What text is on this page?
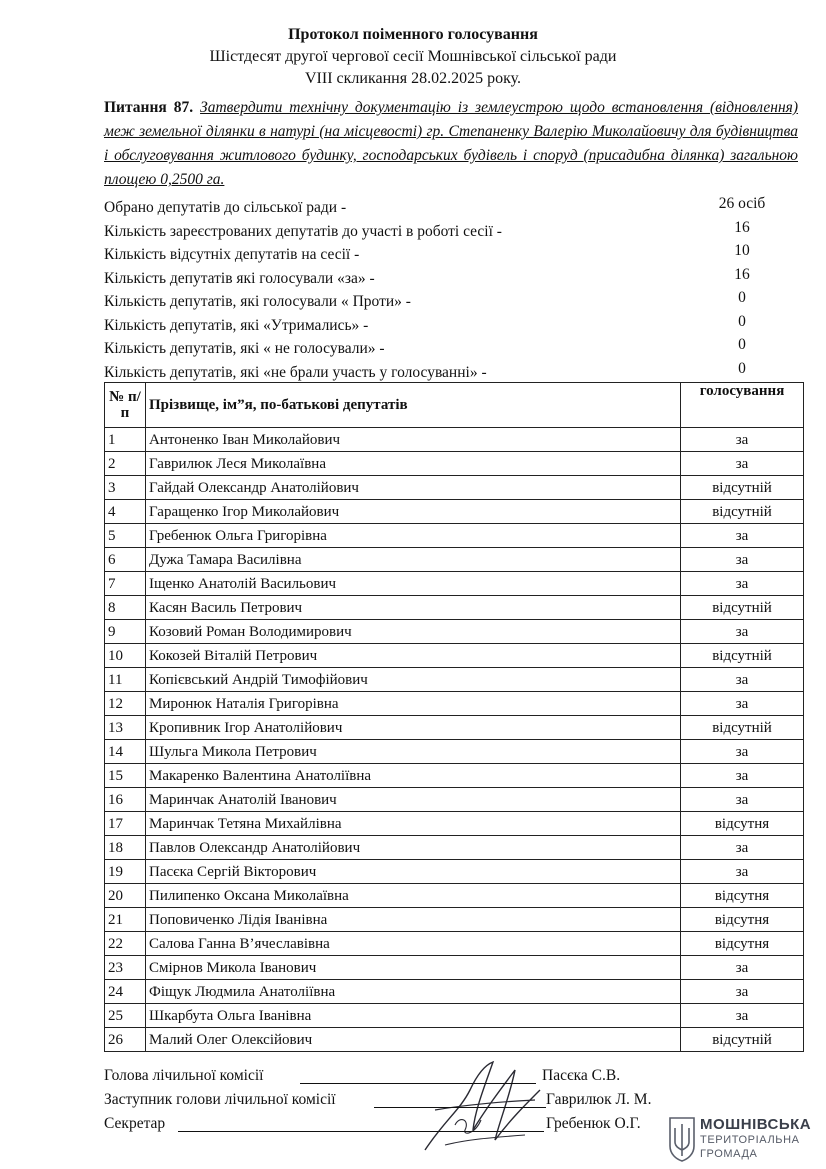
Протокол поіменного голосування
Шістдесят другої чергової сесії Мошнівської сільської ради
VIII скликання 28.02.2025 року.
Питання 87. Затвердити технічну документацію із землеустрою щодо встановлення (відновлення) меж земельної ділянки в натурі (на місцевості) гр. Степаненку Валерію Миколайовичу для будівництва і обслуговування житлового будинку, господарських будівель і споруд (присадибна ділянка) загальною площею 0,2500 га.
Обрано депутатів до сільської ради -	26 осіб
Кількість зареєстрованих депутатів до участі в роботі сесії -	16
Кількість відсутніх депутатів на сесії -	10
Кількість депутатів які голосували «за» -	16
Кількість депутатів, які голосували « Проти» -	0
Кількість депутатів, які «Утримались» -	0
Кількість депутатів, які « не голосували» -	0
Кількість депутатів, які «не брали участь у голосуванні» -	0
№ п/п	Прізвище, ім”я, по-батькові депутатів	голосування
1	Антоненко Іван Миколайович	за
2	Гаврилюк Леся Миколаївна	за
3	Гайдай Олександр Анатолійович	відсутній
4	Гаращенко Ігор Миколайович	відсутній
5	Гребенюк Ольга Григорівна	за
6	Дужа Тамара Василівна	за
7	Іщенко Анатолій Васильович	за
8	Касян Василь Петрович	відсутній
9	Козовий Роман Володимирович	за
10	Кокозей Віталій Петрович	відсутній
11	Копієвський Андрій Тимофійович	за
12	Миронюк Наталія Григорівна	за
13	Кропивник Ігор Анатолійович	відсутній
14	Шульга Микола Петрович	за
15	Макаренко Валентина Анатоліївна	за
16	Маринчак Анатолій Іванович	за
17	Маринчак Тетяна Михайлівна	відсутня
18	Павлов Олександр Анатолійович	за
19	Пасєка Сергій Вікторович	за
20	Пилипенко Оксана Миколаївна	відсутня
21	Поповиченко Лідія Іванівна	відсутня
22	Салова Ганна В’ячеславівна	відсутня
23	Смірнов Микола Іванович	за
24	Фіщук Людмила Анатоліївна	за
25	Шкарбута Ольга Іванівна	за
26	Малий Олег Олексійович	відсутній
Голова лічильної комісії	Пасєка С.В.
Заступник голови лічильної комісії	Гаврилюк Л. М.
Секретар	Гребенюк О.Г.	МОШНІВСЬКА
ТЕРИТОРІАЛЬНА
ГРОМАДА
